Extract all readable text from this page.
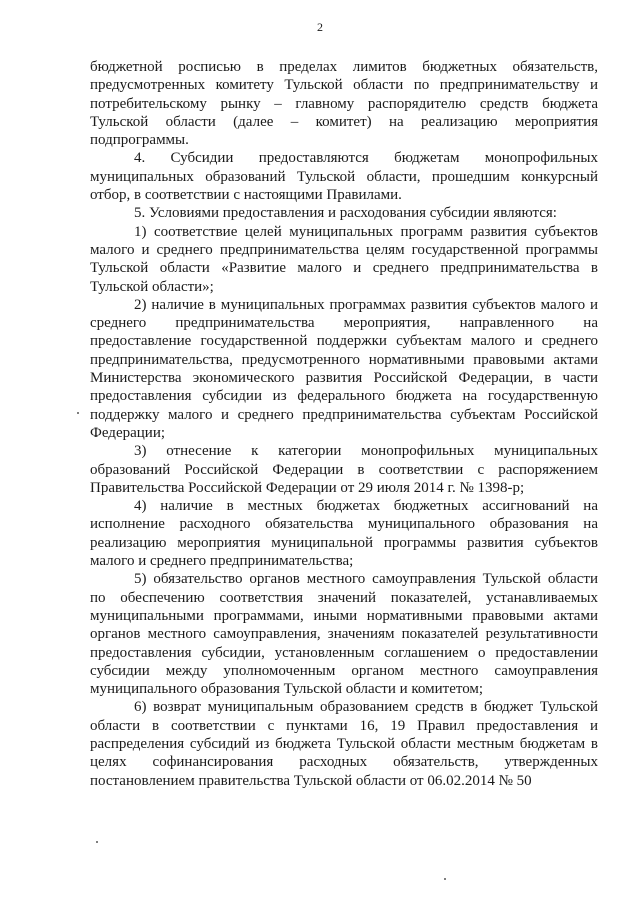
2

бюджетной росписью в пределах лимитов бюджетных обязательств, предусмотренных комитету Тульской области по предпринимательству и потребительскому рынку – главному распорядителю средств бюджета Тульской области (далее – комитет) на реализацию мероприятия подпрограммы.

4. Субсидии предоставляются бюджетам монопрофильных муниципальных образований Тульской области, прошедшим конкурсный отбор, в соответствии с настоящими Правилами.

5. Условиями предоставления и расходования субсидии являются:

1) соответствие целей муниципальных программ развития субъектов малого и среднего предпринимательства целям государственной программы Тульской области «Развитие малого и среднего предпринимательства в Тульской области»;

2) наличие в муниципальных программах развития субъектов малого и среднего предпринимательства мероприятия, направленного на предоставление государственной поддержки субъектам малого и среднего предпринимательства, предусмотренного нормативными правовыми актами Министерства экономического развития Российской Федерации, в части предоставления субсидии из федерального бюджета на государственную поддержку малого и среднего предпринимательства субъектам Российской Федерации;

3) отнесение к категории монопрофильных муниципальных образований Российской Федерации в соответствии с распоряжением Правительства Российской Федерации от 29 июля 2014 г. № 1398-р;

4) наличие в местных бюджетах бюджетных ассигнований на исполнение расходного обязательства муниципального образования на реализацию мероприятия муниципальной программы развития субъектов малого и среднего предпринимательства;

5) обязательство органов местного самоуправления Тульской области по обеспечению соответствия значений показателей, устанавливаемых муниципальными программами, иными нормативными правовыми актами органов местного самоуправления, значениям показателей результативности предоставления субсидии, установленным соглашением о предоставлении субсидии между уполномоченным органом местного самоуправления муниципального образования Тульской области и комитетом;

6) возврат муниципальным образованием средств в бюджет Тульской области в соответствии с пунктами 16, 19 Правил предоставления и распределения субсидий из бюджета Тульской области местным бюджетам в целях софинансирования расходных обязательств, утвержденных постановлением правительства Тульской области от 06.02.2014 № 50
